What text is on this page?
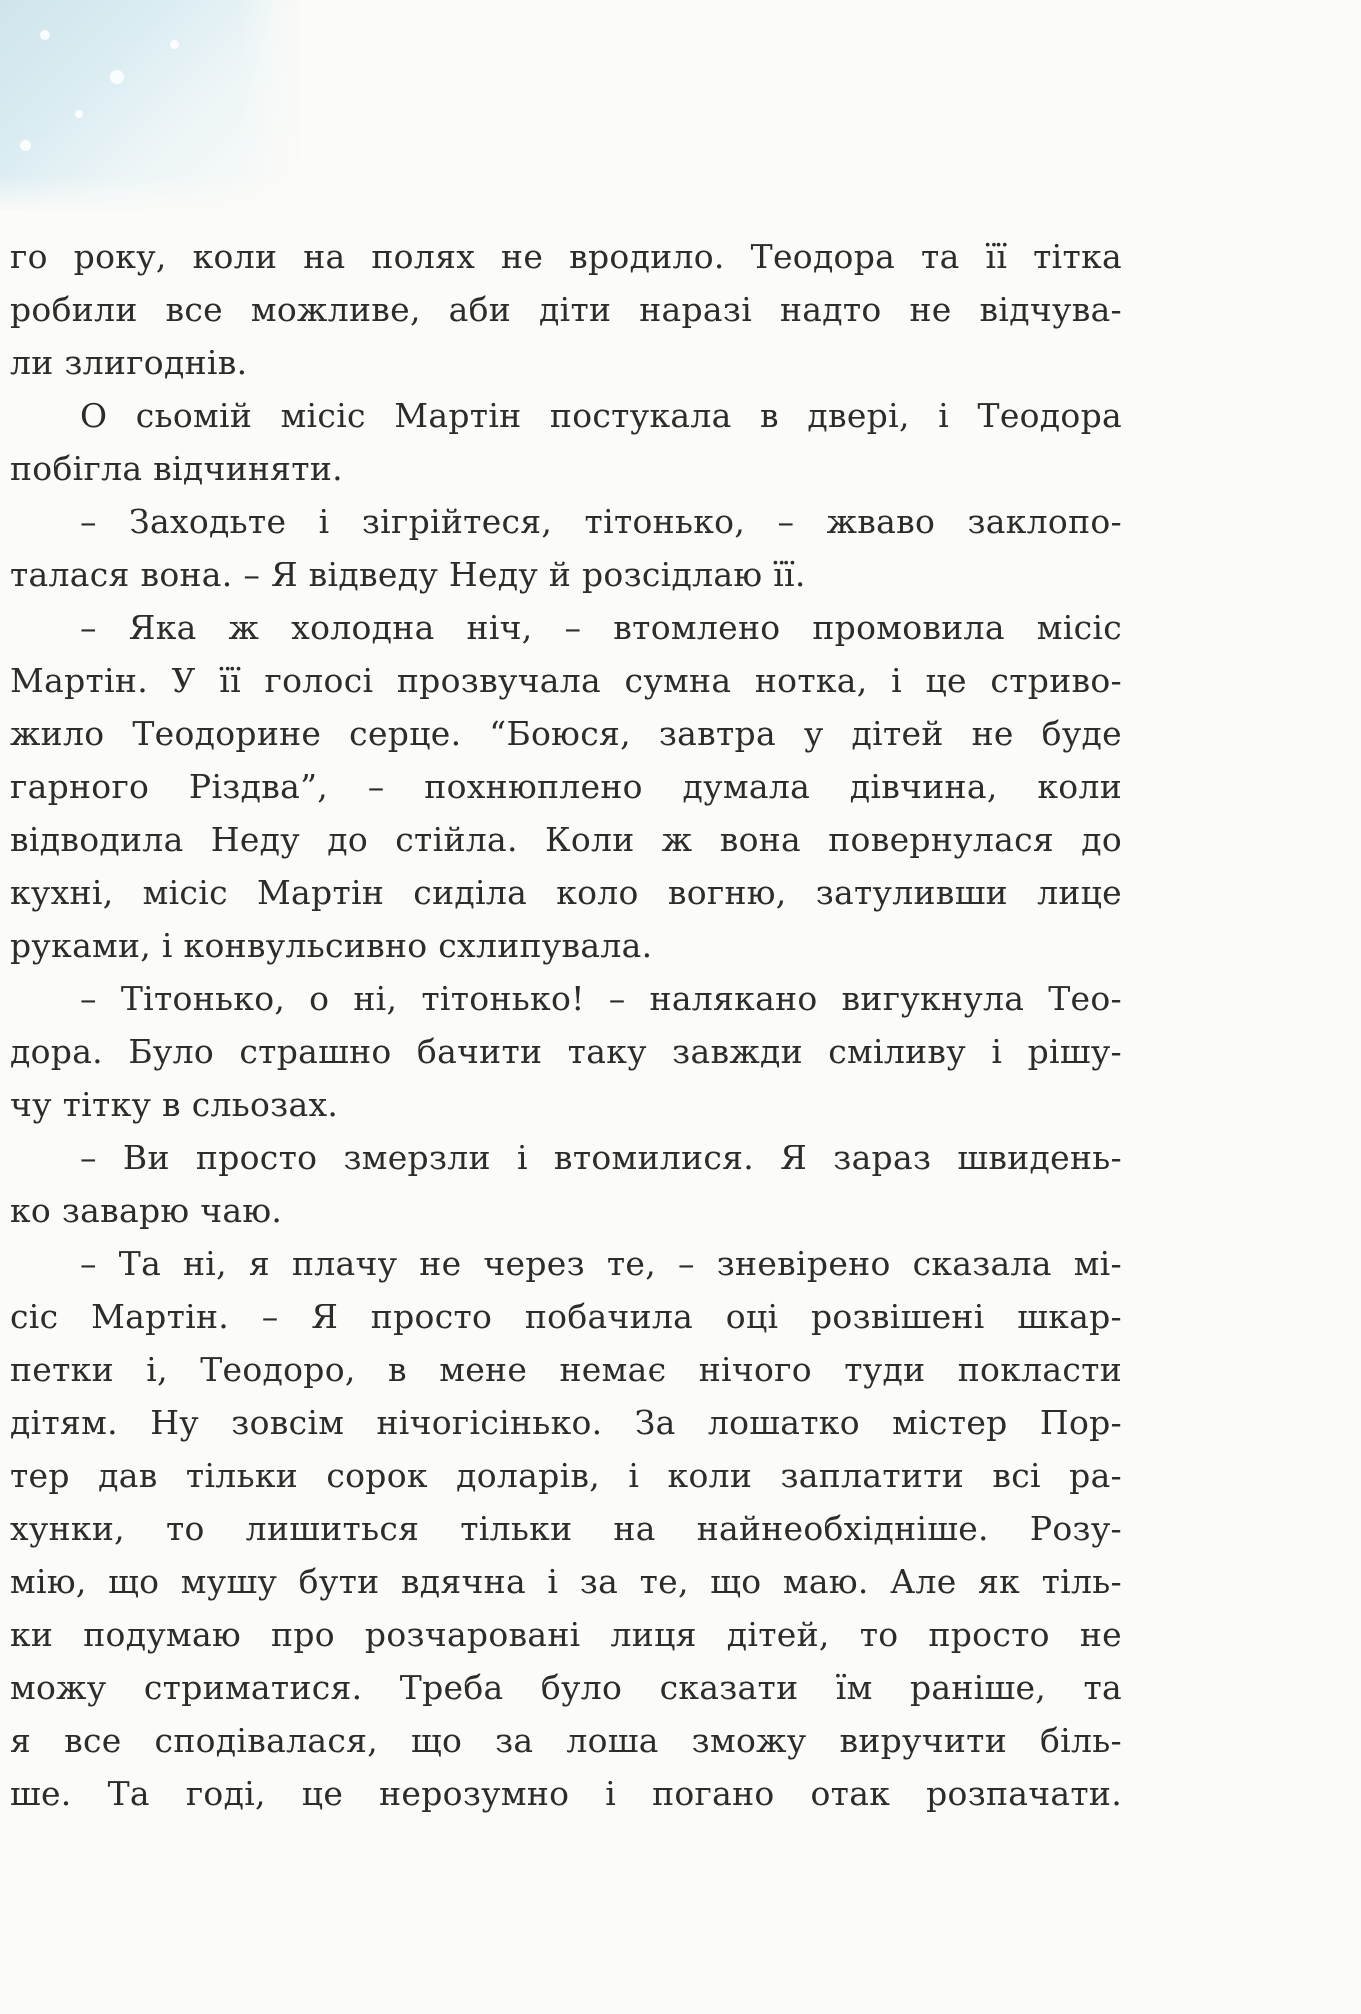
го року, коли на полях не вродило. Теодора та її тітка
робили все можливе, аби діти наразі надто не відчува-
ли злигоднів.
О сьомій місіс Мартін постукала в двері, і Теодора
побігла відчиняти.
– Заходьте і зігрійтеся, тітонько, – жваво заклопо-
талася вона. – Я відведу Неду й розсідлаю її.
– Яка ж холодна ніч, – втомлено промовила місіс
Мартін. У її голосі прозвучала сумна нотка, і це стриво-
жило Теодорине серце. “Боюся, завтра у дітей не буде
гарного Різдва”, – похнюплено думала дівчина, коли
відводила Неду до стійла. Коли ж вона повернулася до
кухні, місіс Мартін сиділа коло вогню, затуливши лице
руками, і конвульсивно схлипувала.
– Тітонько, о ні, тітонько! – налякано вигукнула Тео-
дора. Було страшно бачити таку завжди сміливу і рішу-
чу тітку в сльозах.
– Ви просто змерзли і втомилися. Я зараз швидень-
ко заварю чаю.
– Та ні, я плачу не через те, – зневірено сказала мі-
сіс Мартін. – Я просто побачила оці розвішені шкар-
петки і, Теодоро, в мене немає нічого туди покласти
дітям. Ну зовсім нічогісінько. За лошатко містер Пор-
тер дав тільки сорок доларів, і коли заплатити всі ра-
хунки, то лишиться тільки на найнеобхідніше. Розу-
мію, що мушу бути вдячна і за те, що маю. Але як тіль-
ки подумаю про розчаровані лиця дітей, то просто не
можу стриматися. Треба було сказати їм раніше, та
я все сподівалася, що за лоша зможу виручити біль-
ше. Та годі, це нерозумно і погано отак розпачати.
